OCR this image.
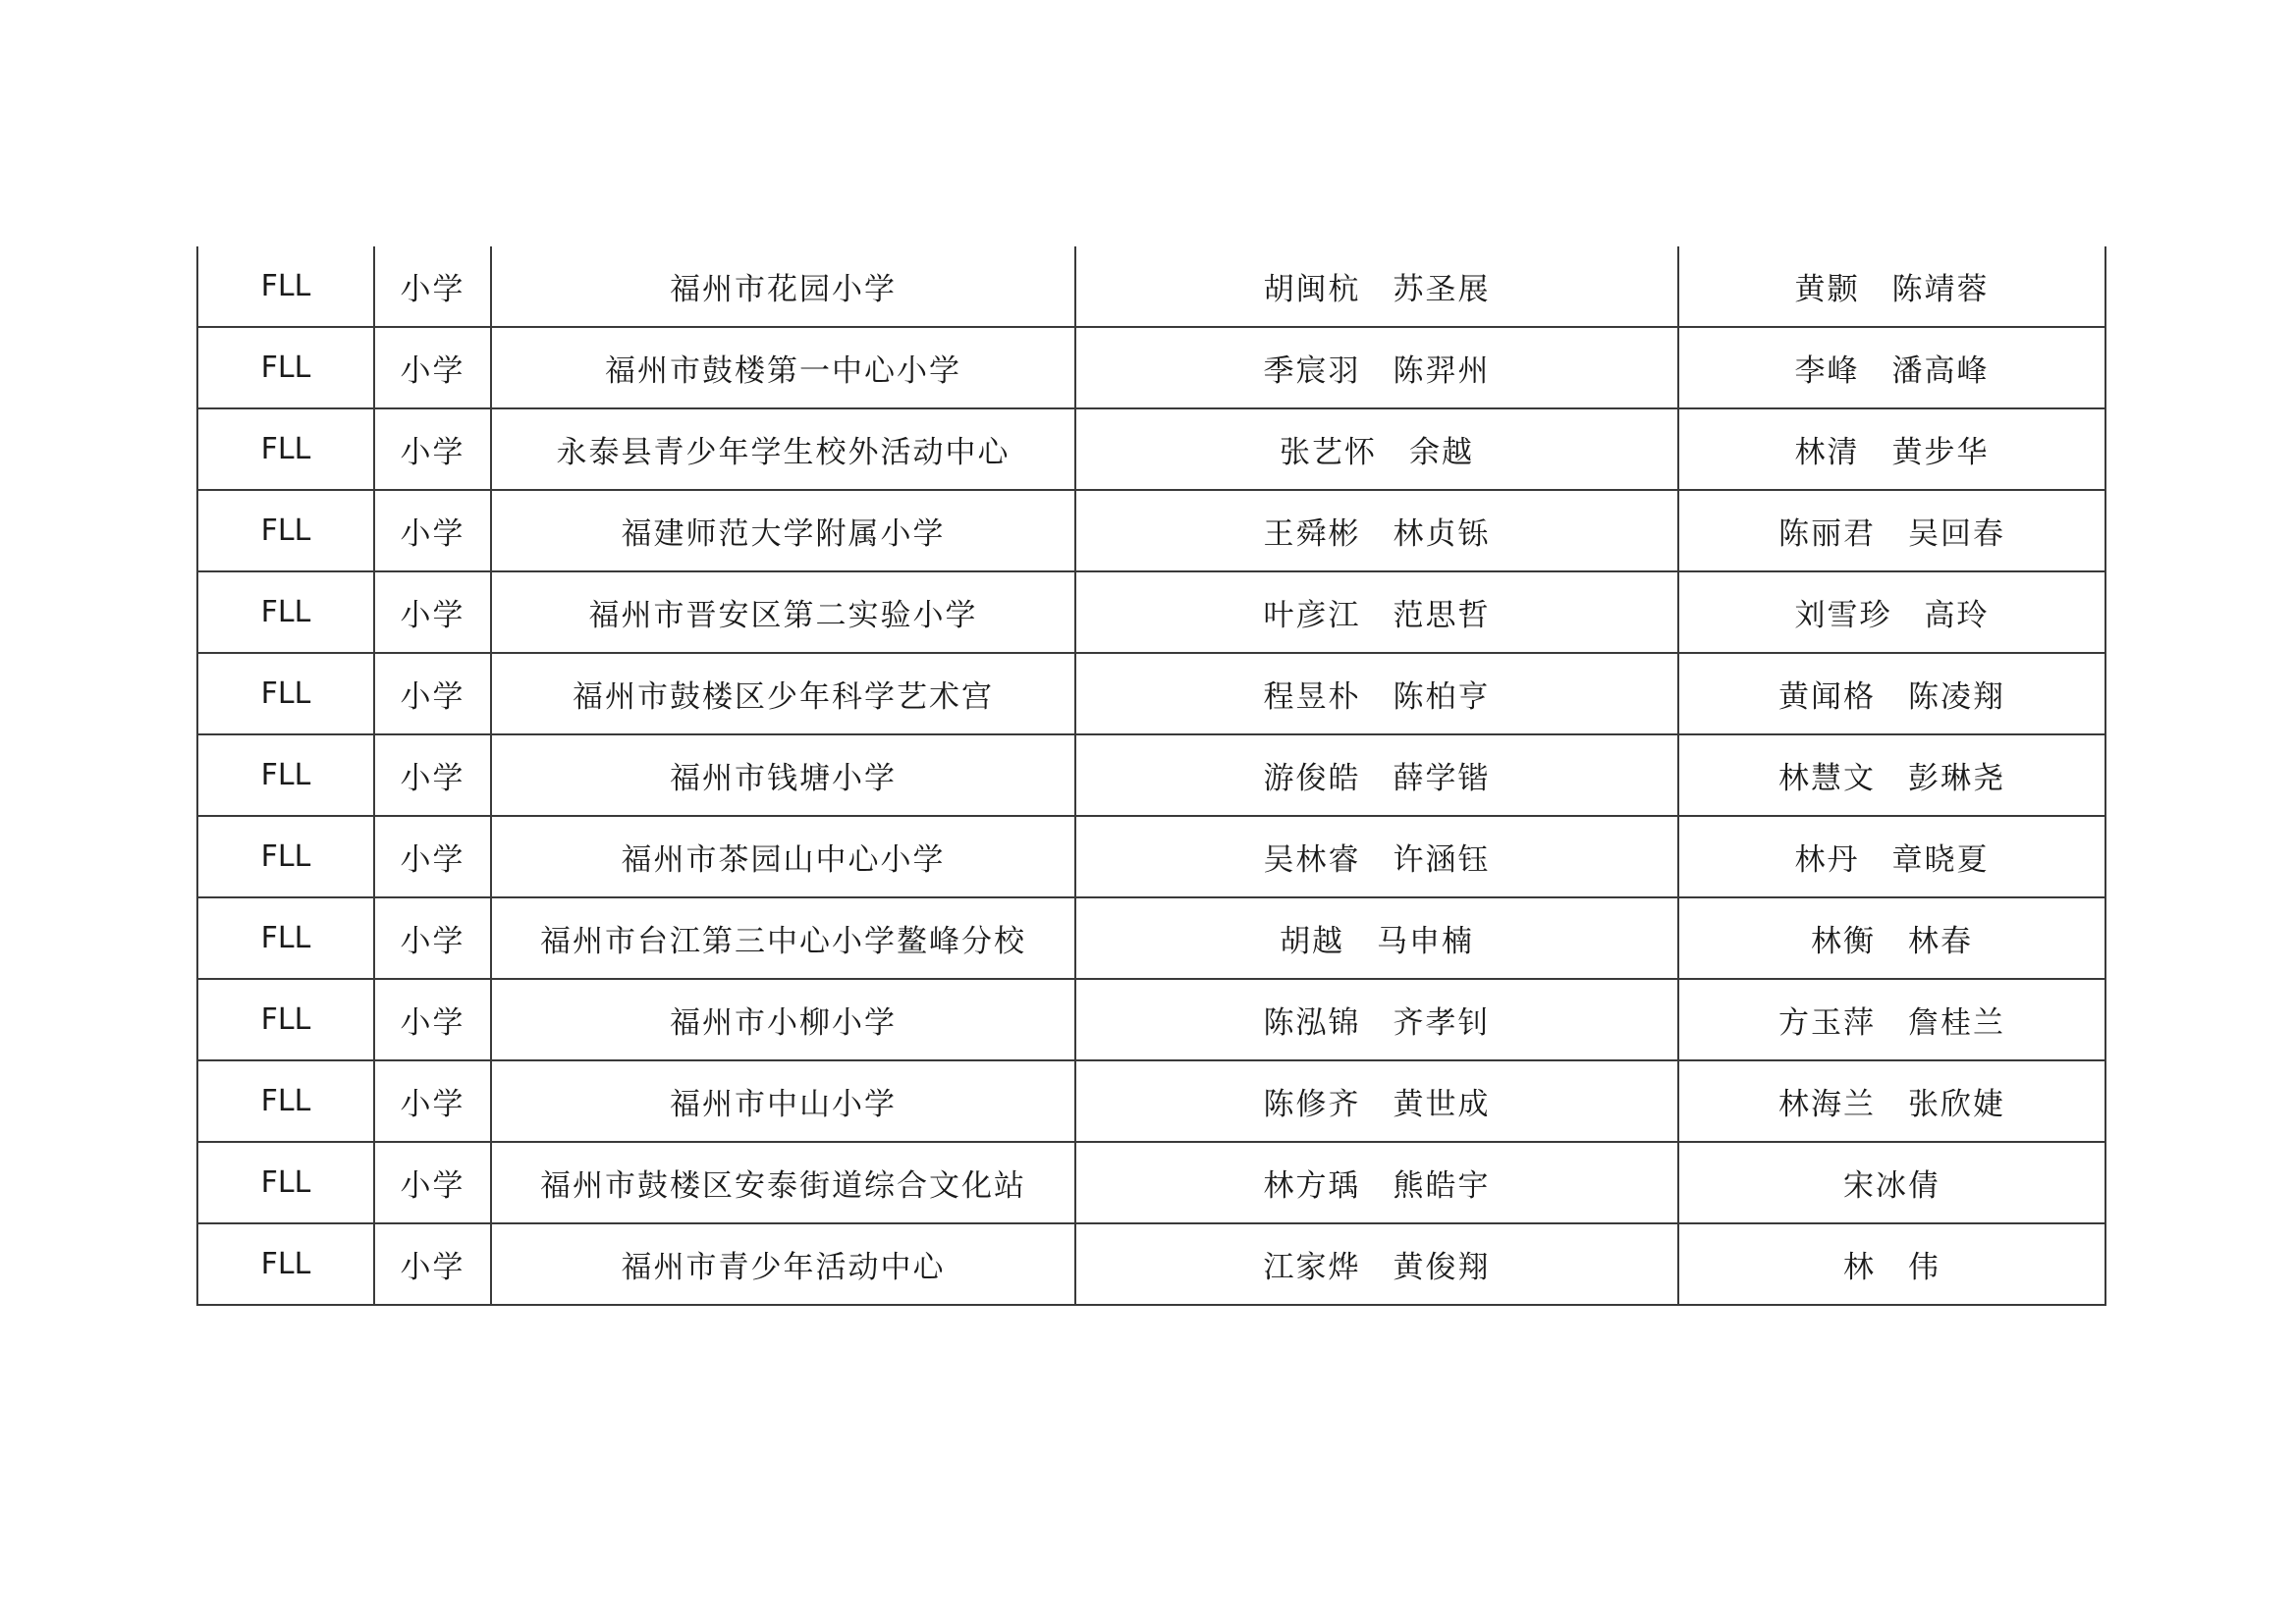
FLL	小学	福州市花园小学	胡闽杭　苏圣展	黄颢　陈靖蓉
FLL	小学	福州市鼓楼第一中心小学	季宸羽　陈羿州	李峰　潘高峰
FLL	小学	永泰县青少年学生校外活动中心	张艺怀　余越	林清　黄步华
FLL	小学	福建师范大学附属小学	王舜彬　林贞铄	陈丽君　吴回春
FLL	小学	福州市晋安区第二实验小学	叶彦江　范思哲	刘雪珍　高玲
FLL	小学	福州市鼓楼区少年科学艺术宫	程昱朴　陈柏亨	黄闻格　陈凌翔
FLL	小学	福州市钱塘小学	游俊皓　薛学锴	林慧文　彭琳尧
FLL	小学	福州市茶园山中心小学	吴林睿　许涵钰	林丹　章晓夏
FLL	小学	福州市台江第三中心小学鳌峰分校	胡越　马申楠	林衡　林春
FLL	小学	福州市小柳小学	陈泓锦　齐孝钊	方玉萍　詹桂兰
FLL	小学	福州市中山小学	陈修齐　黄世成	林海兰　张欣婕
FLL	小学	福州市鼓楼区安泰街道综合文化站	林方瑀　熊皓宇	宋冰倩
FLL	小学	福州市青少年活动中心	江家烨　黄俊翔	林　伟
